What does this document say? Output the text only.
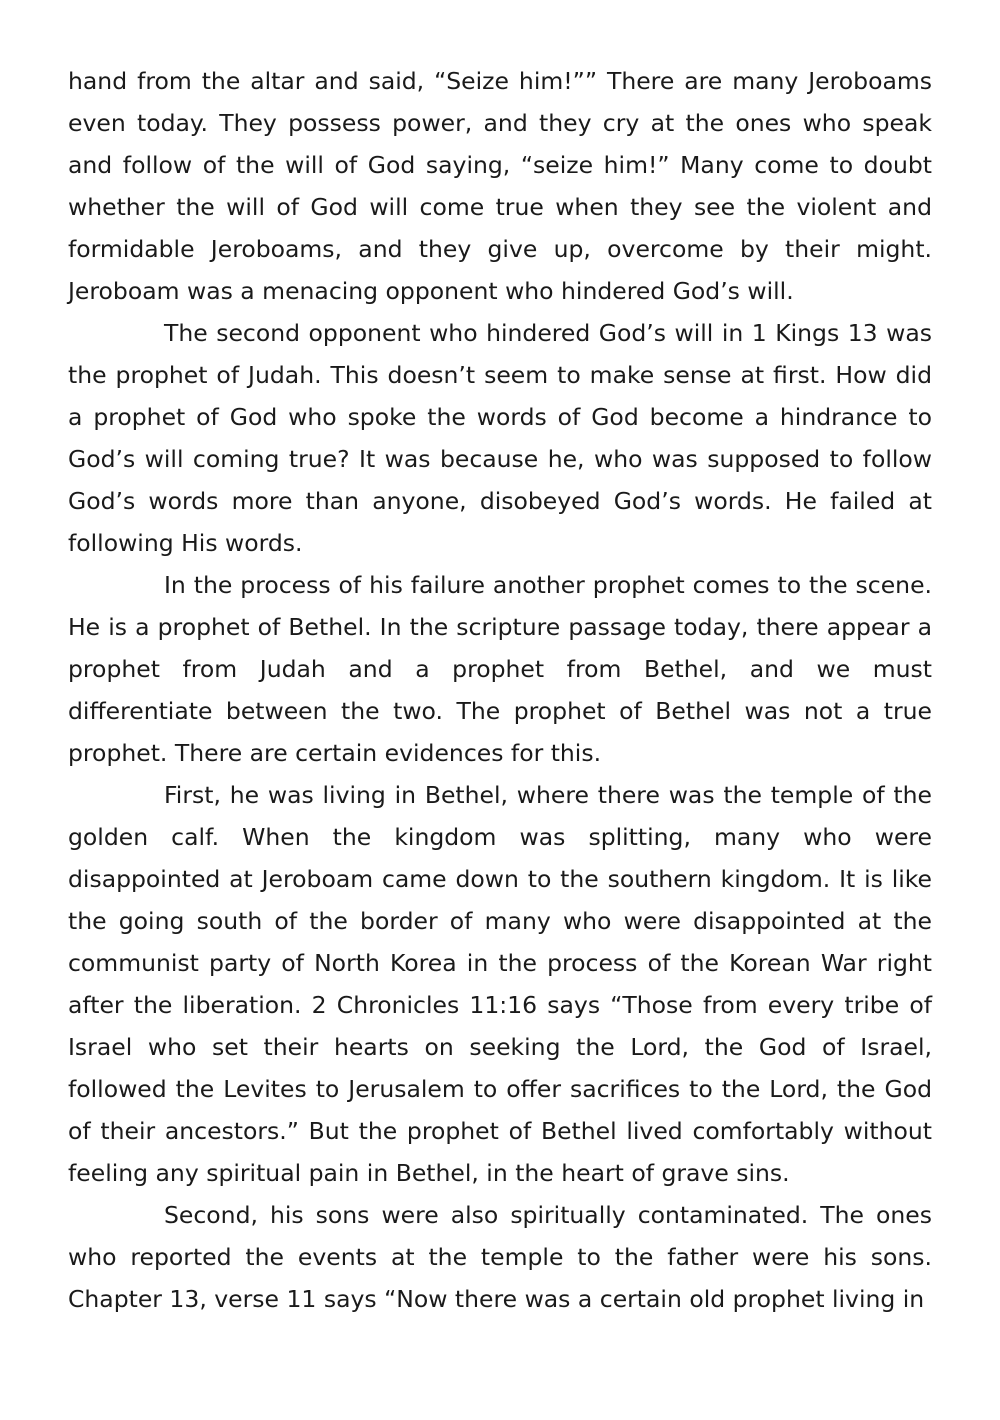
hand from the altar and said, “Seize him!”” There are many Jeroboams even today. They possess power, and they cry at the ones who speak and follow of the will of God saying, “seize him!” Many come to doubt whether the will of God will come true when they see the violent and formidable Jeroboams, and they give up, overcome by their might. Jeroboam was a menacing opponent who hindered God’s will.

The second opponent who hindered God’s will in 1 Kings 13 was the prophet of Judah. This doesn’t seem to make sense at first. How did a prophet of God who spoke the words of God become a hindrance to God’s will coming true? It was because he, who was supposed to follow God’s words more than anyone, disobeyed God’s words. He failed at following His words.

In the process of his failure another prophet comes to the scene. He is a prophet of Bethel. In the scripture passage today, there appear a prophet from Judah and a prophet from Bethel, and we must differentiate between the two. The prophet of Bethel was not a true prophet. There are certain evidences for this.

First, he was living in Bethel, where there was the temple of the golden calf. When the kingdom was splitting, many who were disappointed at Jeroboam came down to the southern kingdom. It is like the going south of the border of many who were disappointed at the communist party of North Korea in the process of the Korean War right after the liberation. 2 Chronicles 11:16 says “Those from every tribe of Israel who set their hearts on seeking the Lord, the God of Israel, followed the Levites to Jerusalem to offer sacrifices to the Lord, the God of their ancestors.” But the prophet of Bethel lived comfortably without feeling any spiritual pain in Bethel, in the heart of grave sins.

Second, his sons were also spiritually contaminated. The ones who reported the events at the temple to the father were his sons. Chapter 13, verse 11 says “Now there was a certain old prophet living in
